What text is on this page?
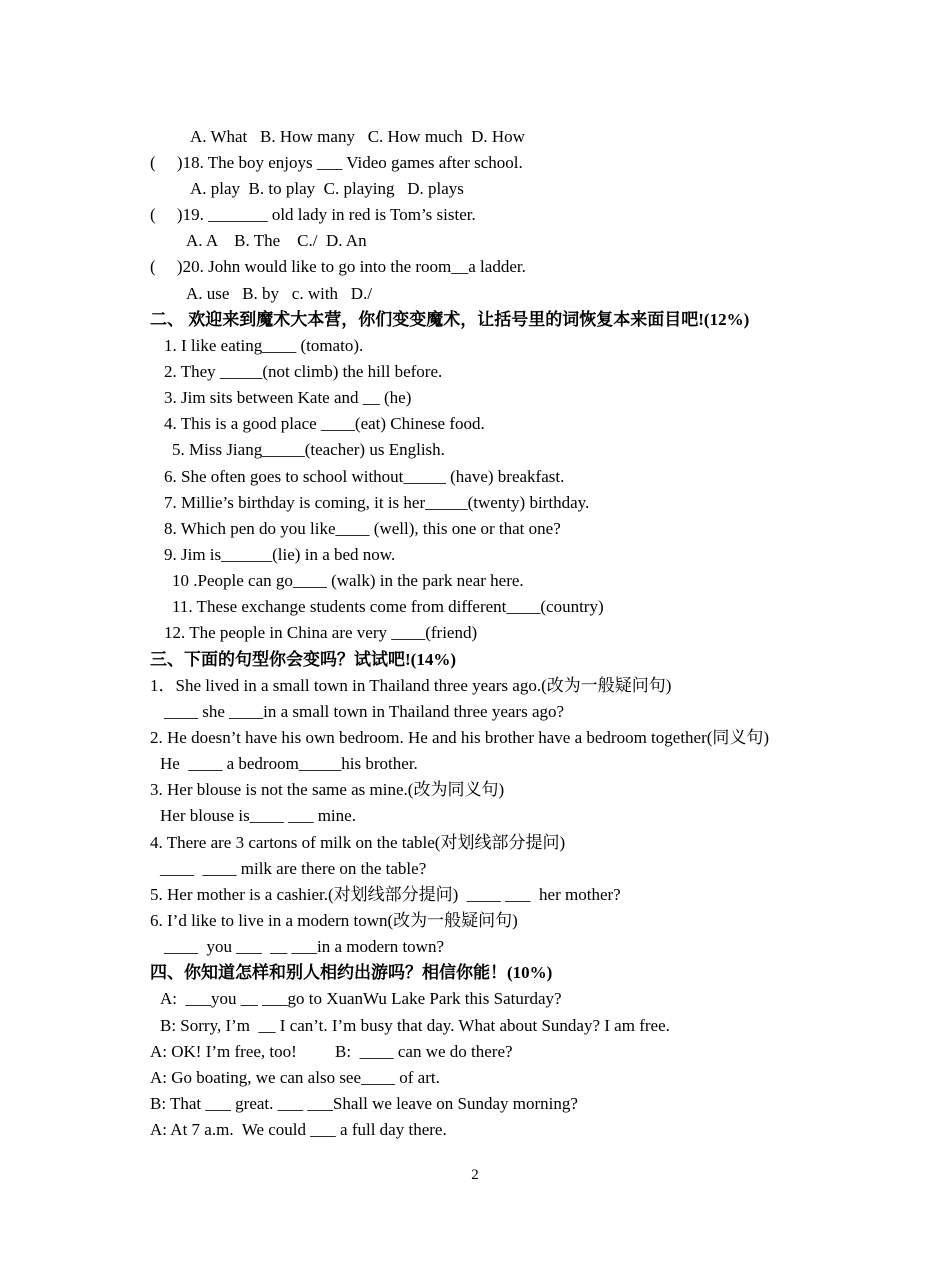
A. What   B. How many   C. How much  D. How
(     )18. The boy enjoys ___ Video games after school.
A. play  B. to play  C. playing   D. plays
(     )19. _______ old lady in red is Tom’s sister.
A. A    B. The    C./  D. An
(     )20. John would like to go into the room__a ladder.
A. use   B. by   c. with   D./
二、 欢迎来到魔术大本营，你们变变魔术，让括号里的词恢复本来面目吧!(12%)
1. I like eating____ (tomato).
2. They _____(not climb) the hill before.
3. Jim sits between Kate and __ (he)
4. This is a good place ____(eat) Chinese food.
5. Miss Jiang_____(teacher) us English.
6. She often goes to school without_____ (have) breakfast.
7. Millie’s birthday is coming, it is her_____(twenty) birthday.
8. Which pen do you like____ (well), this one or that one?
9. Jim is______(lie) in a bed now.
10 .People can go____ (walk) in the park near here.
11. These exchange students come from different____(country)
12. The people in China are very ____(friend)
三、下面的句型你会变吗？试试吧!(14%)
1．She lived in a small town in Thailand three years ago.(改为一般疑问句)
____ she ____in a small town in Thailand three years ago?
2. He doesn’t have his own bedroom. He and his brother have a bedroom together(同义句)
He  ____ a bedroom_____his brother.
3. Her blouse is not the same as mine.(改为同义句)
Her blouse is____ ___ mine.
4. There are 3 cartons of milk on the table(对划线部分提问)
____  ____ milk are there on the table?
5. Her mother is a cashier.(对划线部分提问)  ____ ___  her mother?
6. I’d like to live in a modern town(改为一般疑问句)
____  you ___  __ ___in a modern town?
四、你知道怎样和别人相约出游吗？相信你能！(10%)
A:  ___you __ ___go to XuanWu Lake Park this Saturday?
B: Sorry, I’m  __ I can’t. I’m busy that day. What about Sunday? I am free.
A: OK! I’m free, too!         B:  ____ can we do there?
A: Go boating, we can also see____ of art.
B: That ___ great. ___ ___Shall we leave on Sunday morning?
A: At 7 a.m.  We could ___ a full day there.
2
